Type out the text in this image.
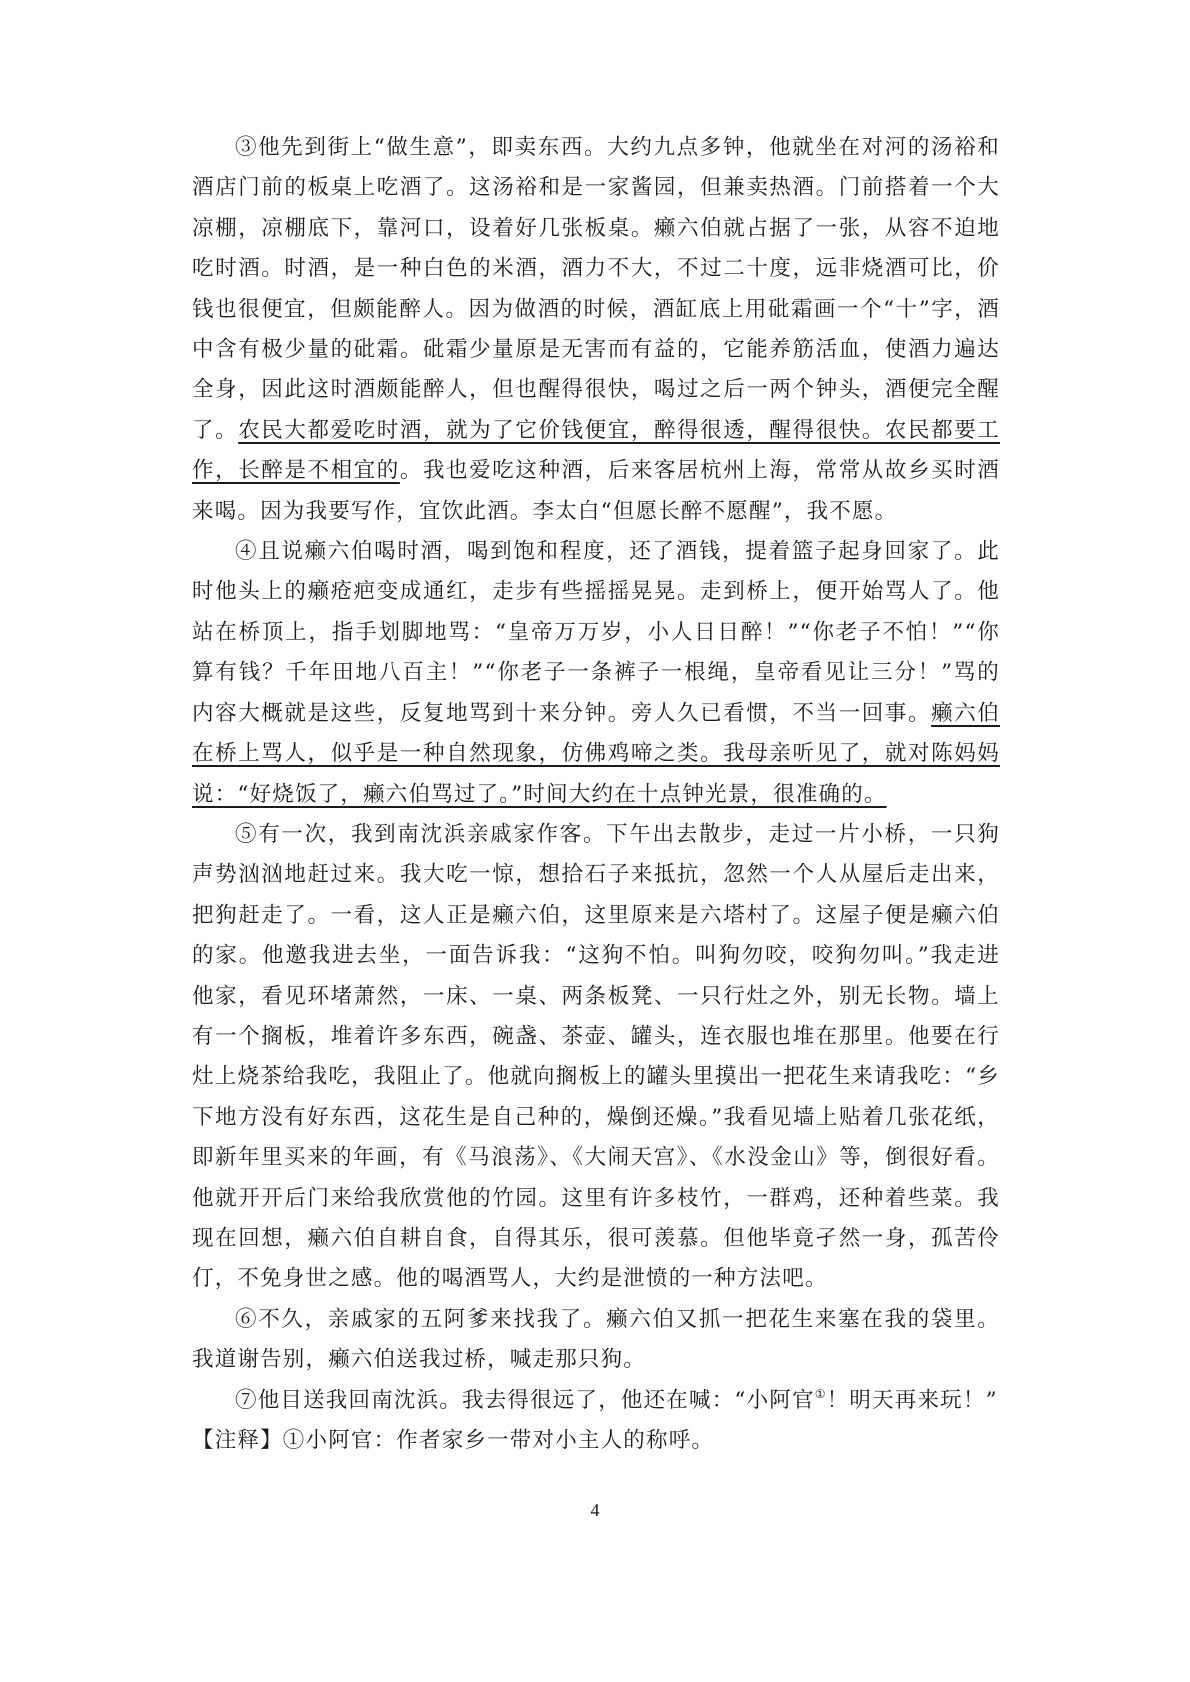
③他先到街上“做生意”，即卖东西。大约九点多钟，他就坐在对河的汤裕和酒店门前的板桌上吃酒了。这汤裕和是一家酱园，但兼卖热酒。门前搭着一个大凉棚，凉棚底下，靠河口，设着好几张板桌。癞六伯就占据了一张，从容不迫地吃时酒。时酒，是一种白色的米酒，酒力不大，不过二十度，远非烧酒可比，价钱也很便宜，但颇能醉人。因为做酒的时候，酒缸底上用砒霜画一个“十”字，酒中含有极少量的砒霜。砒霜少量原是无害而有益的，它能养筋活血，使酒力遍达全身，因此这时酒颇能醉人，但也醒得很快，喝过之后一两个钟头，酒便完全醒了。农民大都爱吃时酒，就为了它价钱便宜，醉得很透，醒得很快。农民都要工作，长醉是不相宜的。我也爱吃这种酒，后来客居杭州上海，常常从故乡买时酒来喝。因为我要写作，宜饮此酒。李太白“但愿长醉不愿醒”，我不愿。

④且说癞六伯喝时酒，喝到饱和程度，还了酒钱，提着篮子起身回家了。此时他头上的癞疮疤变成通红，走步有些摇摇晃晃。走到桥上，便开始骂人了。他站在桥顶上，指手划脚地骂：“皇帝万万岁，小人日日醉！”“你老子不怕！”“你算有钱？千年田地八百主！”“你老子一条裤子一根绳，皇帝看见让三分！”骂的内容大概就是这些，反复地骂到十来分钟。旁人久已看惯，不当一回事。癞六伯在桥上骂人，似乎是一种自然现象，仿佛鸡啼之类。我母亲听见了，就对陈妈妈说：“好烧饭了，癞六伯骂过了。”时间大约在十点钟光景，很准确的。

⑤有一次，我到南沈浜亲戚家作客。下午出去散步，走过一片小桥，一只狗声势汹汹地赶过来。我大吃一惊，想拾石子来抵抗，忽然一个人从屋后走出来，把狗赶走了。一看，这人正是癞六伯，这里原来是六塔村了。这屋子便是癞六伯的家。他邀我进去坐，一面告诉我：“这狗不怕。叫狗勿咬，咬狗勿叫。”我走进他家，看见环堵萧然，一床、一桌、两条板凳、一只行灶之外，别无长物。墙上有一个搁板，堆着许多东西，碗盏、茶壶、罐头，连衣服也堆在那里。他要在行灶上烧茶给我吃，我阻止了。他就向搁板上的罐头里摸出一把花生来请我吃：“乡下地方没有好东西，这花生是自己种的，燥倒还燥。”我看见墙上贴着几张花纸，即新年里买来的年画，有《马浪荡》、《大闹天宫》、《水没金山》等，倒很好看。他就开开后门来给我欣赏他的竹园。这里有许多枝竹，一群鸡，还种着些菜。我现在回想，癞六伯自耕自食，自得其乐，很可羡慕。但他毕竟孑然一身，孤苦伶仃，不免身世之感。他的喝酒骂人，大约是泄愤的一种方法吧。

⑥不久，亲戚家的五阿爹来找我了。癞六伯又抓一把花生来塞在我的袋里。我道谢告别，癞六伯送我过桥，喊走那只狗。

⑦他目送我回南沈浜。我去得很远了，他还在喊：“小阿官①！明天再来玩！”

【注释】①小阿官：作者家乡一带对小主人的称呼。

4
